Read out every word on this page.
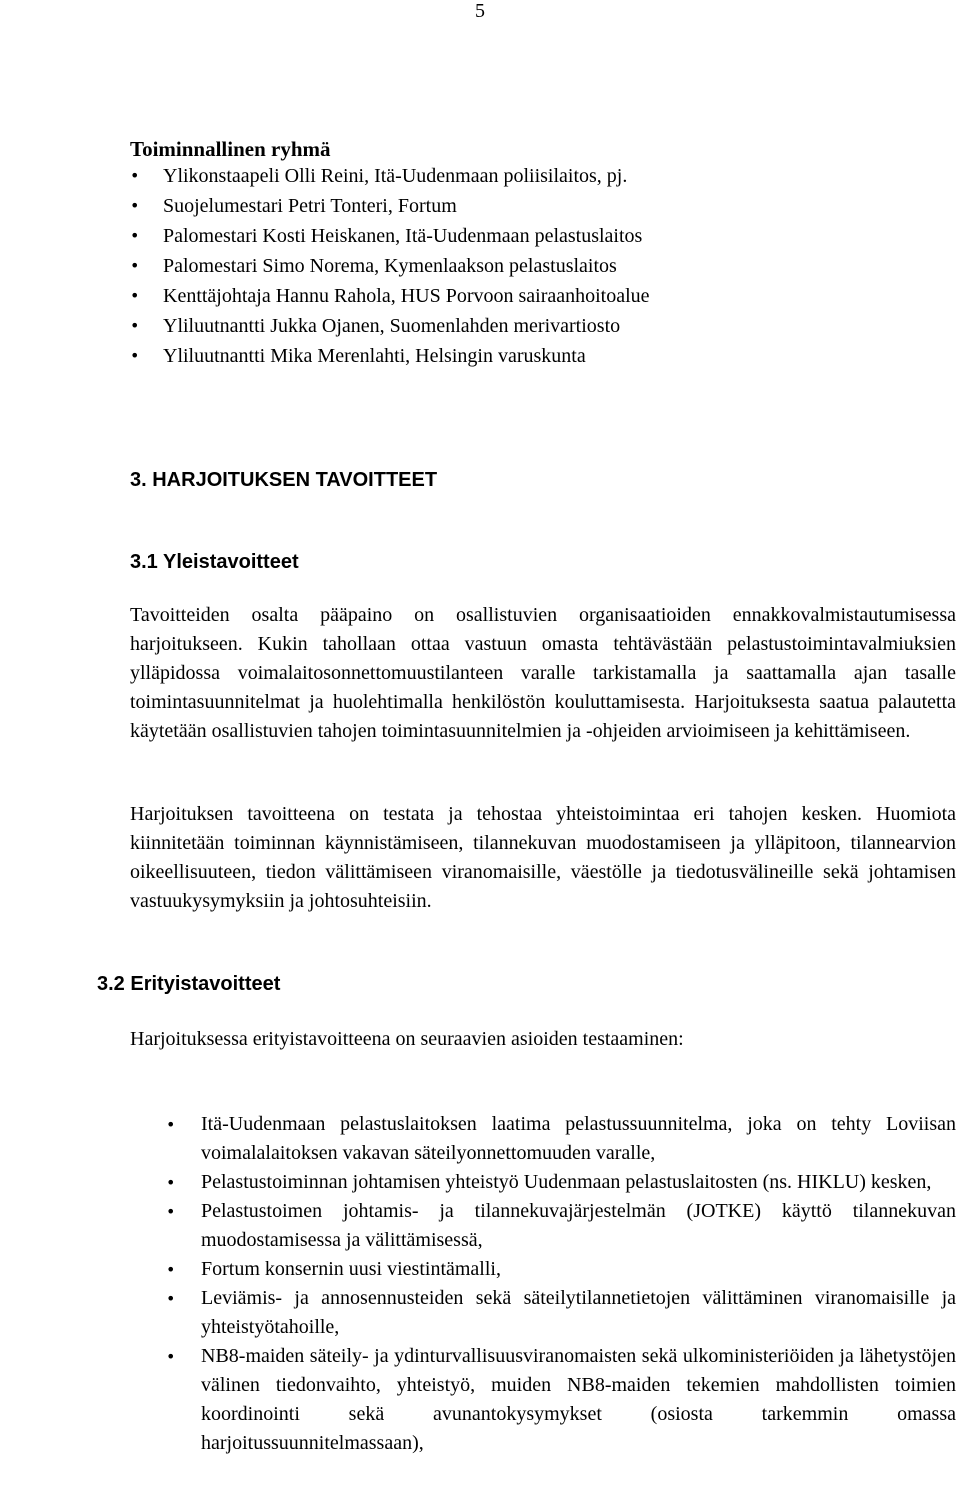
5
Toiminnallinen ryhmä
• Ylikonstaapeli Olli Reini, Itä-Uudenmaan poliisilaitos, pj.
• Suojelumestari Petri Tonteri, Fortum
• Palomestari Kosti Heiskanen, Itä-Uudenmaan pelastuslaitos
• Palomestari Simo Norema, Kymenlaakson pelastuslaitos
• Kenttäjohtaja Hannu Rahola, HUS Porvoon sairaanhoitoalue
• Yliluutnantti Jukka Ojanen, Suomenlahden merivartiosto
• Yliluutnantti Mika Merenlahti, Helsingin varuskunta
3. HARJOITUKSEN TAVOITTEET
3.1 Yleistavoitteet

Tavoitteiden osalta pääpaino on osallistuvien organisaatioiden ennakkovalmistautumisessa harjoitukseen. Kukin tahollaan ottaa vastuun omasta tehtävästään pelastustoimintavalmiuksien ylläpidossa voimalaitosonnettomuustilanteen varalle tarkistamalla ja saattamalla ajan tasalle toimintasuunnitelmat ja huolehtimalla henkilöstön kouluttamisesta. Harjoituksesta saatua palautetta käytetään osallistuvien tahojen toimintasuunnitelmien ja -ohjeiden arvioimiseen ja kehittämiseen.

Harjoituksen tavoitteena on testata ja tehostaa yhteistoimintaa eri tahojen kesken. Huomiota kiinnitetään toiminnan käynnistämiseen, tilannekuvan muodostamiseen ja ylläpitoon, tilannearvion oikeellisuuteen, tiedon välittämiseen viranomaisille, väestölle ja tiedotusvälineille sekä johtamisen vastuukysymyksiin ja johtosuhteisiin.

3.2 Erityistavoitteet

Harjoituksessa erityistavoitteena on seuraavien asioiden testaaminen:

• Itä-Uudenmaan pelastuslaitoksen laatima pelastussuunnitelma, joka on tehty Loviisan voimalalaitoksen vakavan säteilyonnettomuuden varalle,
• Pelastustoiminnan johtamisen yhteistyö Uudenmaan pelastuslaitosten (ns. HIKLU) kesken,
• Pelastustoimen johtamis- ja tilannekuvajärjestelmän (JOTKE) käyttö tilannekuvan muodostamisessa ja välittämisessä,
• Fortum konsernin uusi viestintämalli,
• Leviämis- ja annosennusteiden sekä säteilytilannetietojen välittäminen viranomaisille ja yhteistyötahoille,
• NB8-maiden säteily- ja ydinturvallisuusviranomaisten sekä ulkoministeriöiden ja lähetystöjen välinen tiedonvaihto, yhteistyö, muiden NB8-maiden tekemien mahdollisten toimien koordinointi sekä avunantokysymykset (osiosta tarkemmin omassa harjoitussuunnitelmassaan),
